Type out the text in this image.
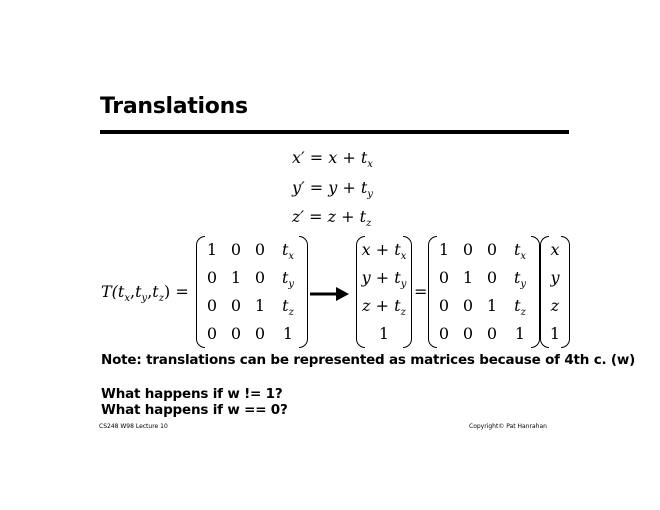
Translations
$x' = x + t_x$
$y' = y + t_y$
$z' = z + t_z$
$T(t_x,t_y,t_z)$ =
1 0 0	$t_x$
0 1 0	$t_y$
0 0 1	$t_z$
0 0 0	1
$x + t_x$
$y + t_y$
$z + t_z$
1
=
1 0 0	$t_x$
0 1 0	$t_y$
0 0 1	$t_z$
0 0 0	1
x
y
z
1
Note: translations can be represented as matrices because of 4th c. (w)
What happens if w != 1?
What happens if w == 0?
CS248 W98 Lecture 10	Copyright© Pat Hanrahan
